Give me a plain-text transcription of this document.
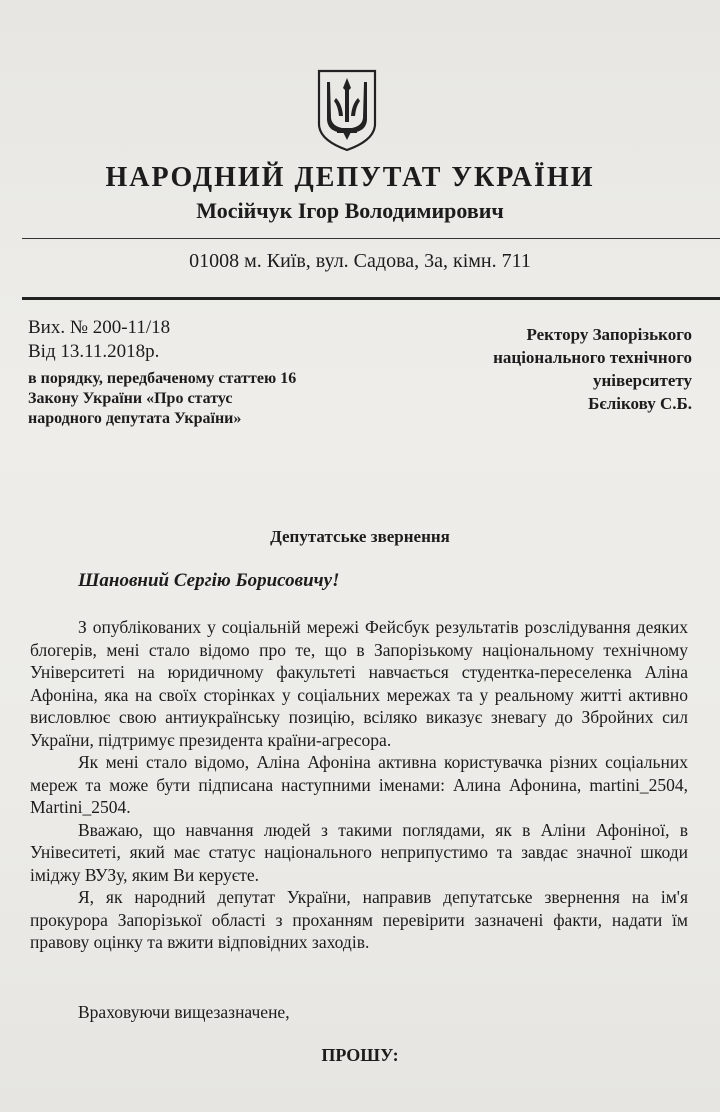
НАРОДНИЙ ДЕПУТАТ УКРАЇНИ
Мосійчук Ігор Володимирович
01008 м. Київ, вул. Садова, 3а, кімн. 711
Вих. № 200-11/18
Від 13.11.2018р.
в порядку, передбаченому статтею 16
Закону України «Про статус
народного депутата України»
Ректору Запорізького
національного технічного
університету
Бєлікову С.Б.
Депутатське звернення
Шановний Сергію Борисовичу!

З опублікованих у соціальній мережі Фейсбук результатів розслідування деяких блогерів, мені стало відомо про те, що в Запорізькому національному технічному Університеті на юридичному факультеті навчається студентка-переселенка Аліна Афоніна, яка на своїх сторінках у соціальних мережах та у реальному житті активно висловлює свою антиукраїнську позицію, всіляко виказує зневагу до Збройних сил України, підтримує президента країни-агресора.

Як мені стало відомо, Аліна Афоніна активна користувачка різних соціальних мереж та може бути підписана наступними іменами: Алина Афонина, martini_2504, Martini_2504.

Вважаю, що навчання людей з такими поглядами, як в Аліни Афоніної, в Унівеситеті, який має статус національного неприпустимо та завдає значної шкоди іміджу ВУЗу, яким Ви керуєте.

Я, як народний депутат України, направив депутатське звернення на ім'я прокурора Запорізької області з проханням перевірити зазначені факти, надати їм правову оцінку та вжити відповідних заходів.

Враховуючи вищезазначене,
ПРОШУ:
